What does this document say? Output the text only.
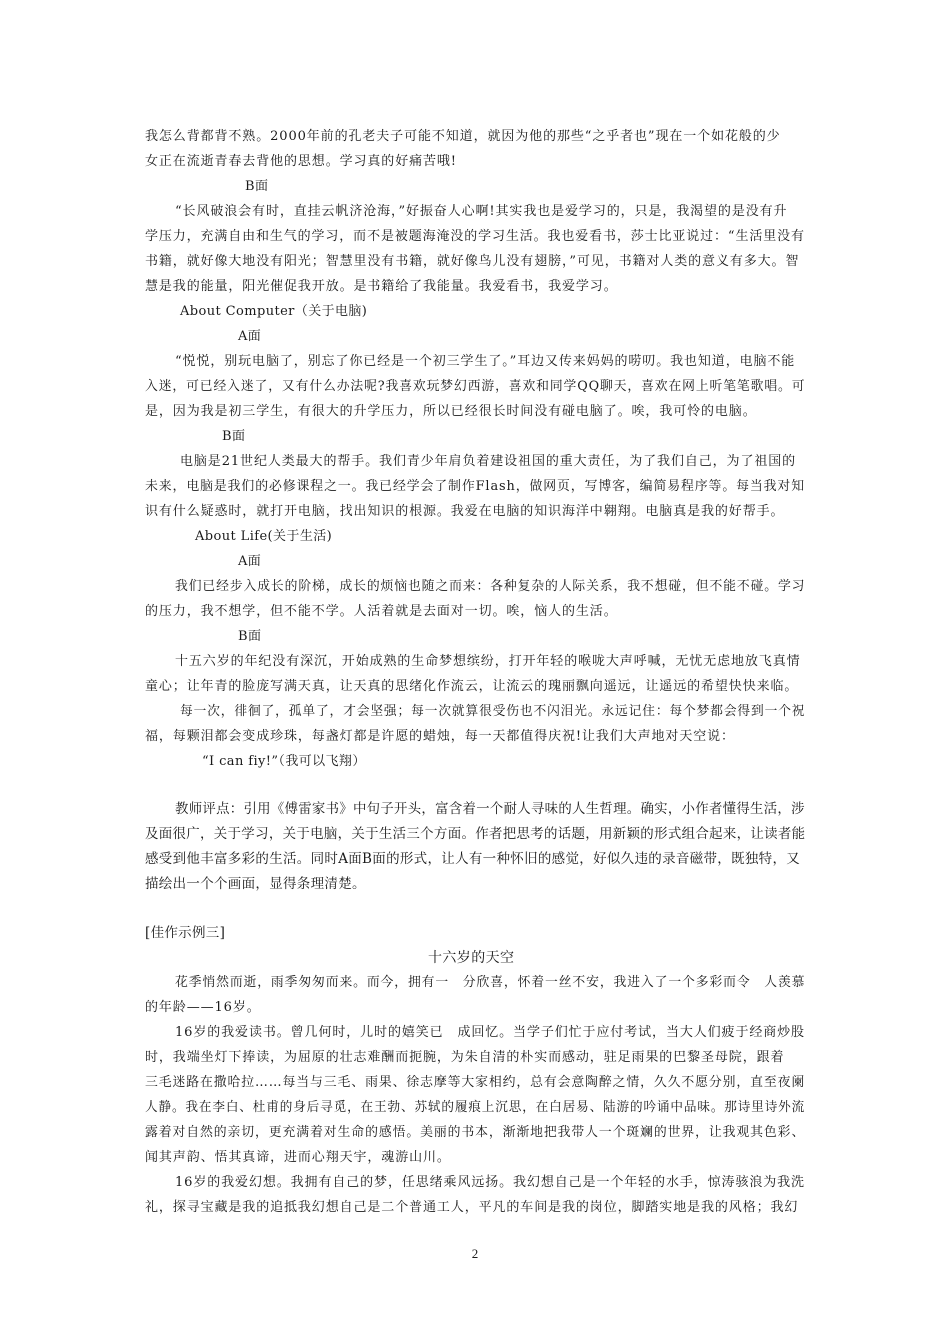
我怎么背都背不熟。2000年前的孔老夫子可能不知道，就因为他的那些“之乎者也”现在一个如花般的少
女正在流逝青春去背他的思想。学习真的好痛苦哦!
B面
“长风破浪会有时，直挂云帆济沧海，”好振奋人心啊!其实我也是爱学习的，只是，我渴望的是没有升
学压力，充满自由和生气的学习，而不是被题海淹没的学习生活。我也爱看书，莎士比亚说过：“生活里没有
书籍，就好像大地没有阳光；智慧里没有书籍，就好像鸟儿没有翅膀，”可见，书籍对人类的意义有多大。智
慧是我的能量，阳光催促我开放。是书籍给了我能量。我爱看书，我爱学习。
About Computer（关于电脑)
A面
“悦悦，别玩电脑了，别忘了你已经是一个初三学生了。”耳边又传来妈妈的唠叨。我也知道，电脑不能
入迷，可已经入迷了，又有什么办法呢?我喜欢玩梦幻西游，喜欢和同学QQ聊天，喜欢在网上听笔笔歌唱。可
是，因为我是初三学生，有很大的升学压力，所以已经很长时间没有碰电脑了。唉，我可怜的电脑。
B面
电脑是21世纪人类最大的帮手。我们青少年肩负着建设祖国的重大责任，为了我们自己，为了祖国的
未来，电脑是我们的必修课程之一。我已经学会了制作Flash，做网页，写博客，编简易程序等。每当我对知
识有什么疑惑时，就打开电脑，找出知识的根源。我爱在电脑的知识海洋中翱翔。电脑真是我的好帮手。
About Life(关于生活)
A面
我们已经步入成长的阶梯，成长的烦恼也随之而来：各种复杂的人际关系，我不想碰，但不能不碰。学习
的压力，我不想学，但不能不学。人活着就是去面对一切。唉，恼人的生活。
B面
十五六岁的年纪没有深沉，开始成熟的生命梦想缤纷，打开年轻的喉咙大声呼喊，无忧无虑地放飞真情
童心；让年青的脸庞写满天真，让天真的思绪化作流云，让流云的瑰丽飘向遥远，让遥远的希望快快来临。
每一次，徘徊了，孤单了，才会坚强；每一次就算很受伤也不闪泪光。永远记住：每个梦都会得到一个祝
福，每颗泪都会变成珍珠，每盏灯都是许愿的蜡烛，每一天都值得庆祝!让我们大声地对天空说：
“I can fiy!”（我可以飞翔）
教师评点：引用《傅雷家书》中句子开头，富含着一个耐人寻味的人生哲理。确实，小作者懂得生活，涉
及面很广，关于学习，关于电脑，关于生活三个方面。作者把思考的话题，用新颖的形式组合起来，让读者能
感受到他丰富多彩的生活。同时A面B面的形式，让人有一种怀旧的感觉，好似久违的录音磁带，既独特，又
描绘出一个个画面，显得条理清楚。
[佳作示例三]
十六岁的天空
花季悄然而逝，雨季匆匆而来。而今，拥有一　分欣喜，怀着一丝不安，我进入了一个多彩而令　人羡慕
的年龄——16岁。
16岁的我爱读书。曾几何时，儿时的嬉笑已　成回忆。当学子们忙于应付考试，当大人们疲于经商炒股
时，我端坐灯下捧读，为屈原的壮志难酬而扼腕，为朱自清的朴实而感动，驻足雨果的巴黎圣母院，跟着
三毛迷路在撒哈拉……每当与三毛、雨果、徐志摩等大家相约，总有会意陶醉之情，久久不愿分别，直至夜阑
人静。我在李白、杜甫的身后寻觅，在王勃、苏轼的履痕上沉思，在白居易、陆游的吟诵中品味。那诗里诗外流
露着对自然的亲切，更充满着对生命的感悟。美丽的书本，渐渐地把我带人一个斑斓的世界，让我观其色彩、
闻其声韵、悟其真谛，进而心翔天宇，魂游山川。
16岁的我爱幻想。我拥有自己的梦，任思绪乘风远扬。我幻想自己是一个年轻的水手，惊涛骇浪为我洗
礼，探寻宝藏是我的追抵我幻想自己是二个普通工人，平凡的车间是我的岗位，脚踏实地是我的风格；我幻
2
